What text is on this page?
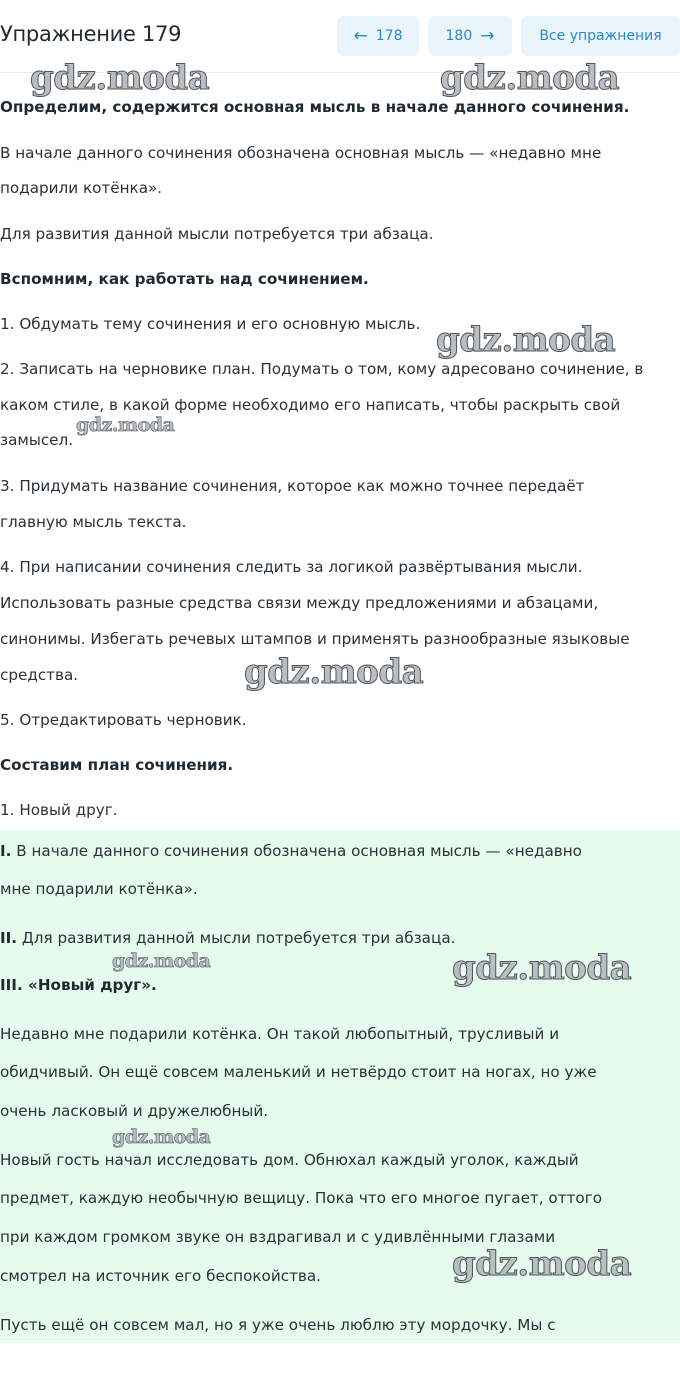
Упражнение 179	← 178	180 →	Все упражнения
Определим, содержится основная мысль в начале данного сочинения.
В начале данного сочинения обозначена основная мысль — «недавно мне
подарили котёнка».
Для развития данной мысли потребуется три абзаца.
Вспомним, как работать над сочинением.
1. Обдумать тему сочинения и его основную мысль.
2. Записать на черновике план. Подумать о том, кому адресовано сочинение, в
каком стиле, в какой форме необходимо его написать, чтобы раскрыть свой
замысел.
3. Придумать название сочинения, которое как можно точнее передаёт
главную мысль текста.
4. При написании сочинения следить за логикой развёртывания мысли.
Использовать разные средства связи между предложениями и абзацами,
синонимы. Избегать речевых штампов и применять разнообразные языковые
средства.
5. Отредактировать черновик.
Составим план сочинения.
1. Новый друг.
I. В начале данного сочинения обозначена основная мысль — «недавно
мне подарили котёнка».
II. Для развития данной мысли потребуется три абзаца.
III. «Новый друг».
Недавно мне подарили котёнка. Он такой любопытный, трусливый и
обидчивый. Он ещё совсем маленький и нетвёрдо стоит на ногах, но уже
очень ласковый и дружелюбный.
Новый гость начал исследовать дом. Обнюхал каждый уголок, каждый
предмет, каждую необычную вещицу. Пока что его многое пугает, оттого
при каждом громком звуке он вздрагивал и с удивлёнными глазами
смотрел на источник его беспокойства.
Пусть ещё он совсем мал, но я уже очень люблю эту мордочку. Мы с
gdz.moda	gdz.moda
gdz.moda
gdz.moda
gdz.moda
gdz.moda	gdz.moda
gdz.moda
gdz.moda
